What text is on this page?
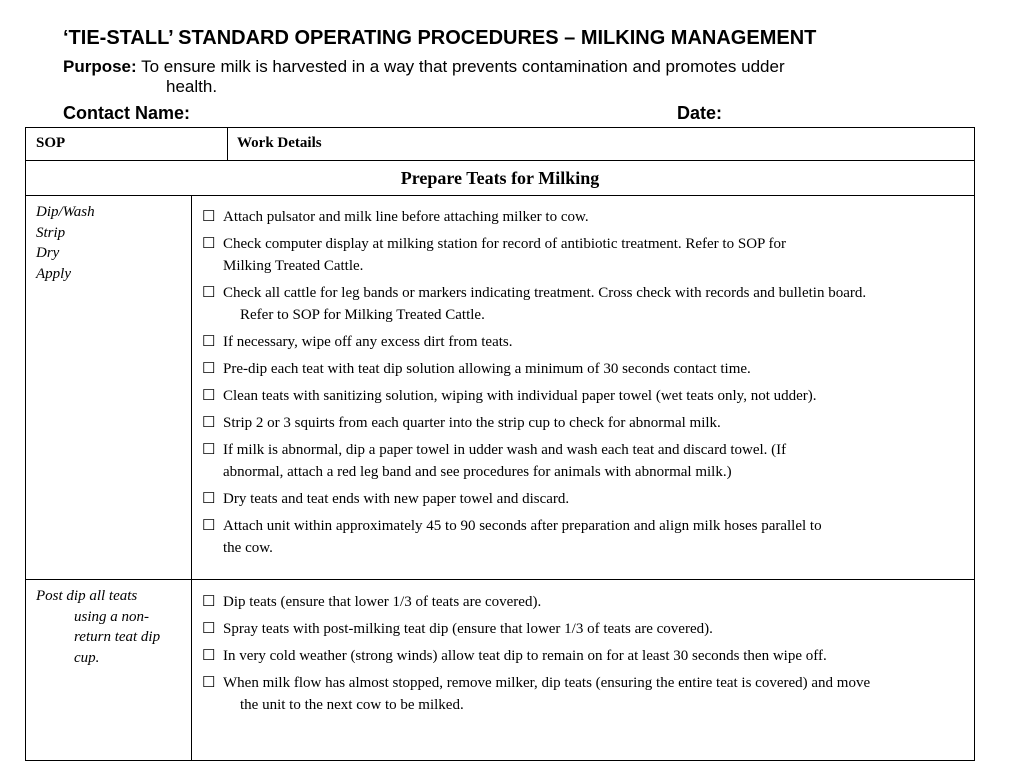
‘TIE-STALL’ STANDARD OPERATING PROCEDURES – MILKING MANAGEMENT
Purpose: To ensure milk is harvested in a way that prevents contamination and promotes udder
health.
Contact Name:	Date:
SOP	Work Details
Prepare Teats for Milking
Dip/Wash
Strip
Dry
Apply
☐ Attach pulsator and milk line before attaching milker to cow.
☐ Check computer display at milking station for record of antibiotic treatment. Refer to SOP for
Milking Treated Cattle.
☐ Check all cattle for leg bands or markers indicating treatment. Cross check with records and bulletin board.
Refer to SOP for Milking Treated Cattle.
☐ If necessary, wipe off any excess dirt from teats.
☐ Pre-dip each teat with teat dip solution allowing a minimum of 30 seconds contact time.
☐ Clean teats with sanitizing solution, wiping with individual paper towel (wet teats only, not udder).
☐ Strip 2 or 3 squirts from each quarter into the strip cup to check for abnormal milk.
☐ If milk is abnormal, dip a paper towel in udder wash and wash each teat and discard towel. (If
abnormal, attach a red leg band and see procedures for animals with abnormal milk.)
☐ Dry teats and teat ends with new paper towel and discard.
☐ Attach unit within approximately 45 to 90 seconds after preparation and align milk hoses parallel to
the cow.
Post dip all teats
using a non-
return teat dip
cup.
☐ Dip teats (ensure that lower 1/3 of teats are covered).
☐ Spray teats with post-milking teat dip (ensure that lower 1/3 of teats are covered).
☐ In very cold weather (strong winds) allow teat dip to remain on for at least 30 seconds then wipe off.
☐ When milk flow has almost stopped, remove milker, dip teats (ensuring the entire teat is covered) and move
the unit to the next cow to be milked.
